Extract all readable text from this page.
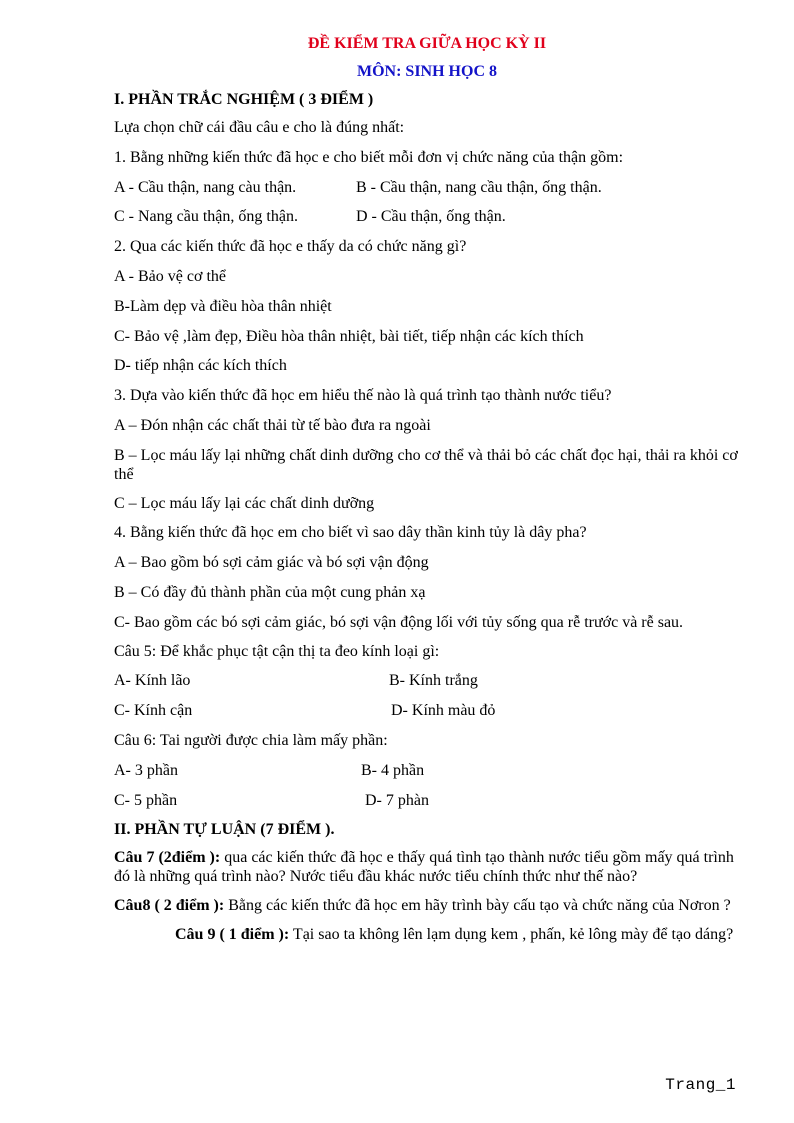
ĐỀ KIỂM TRA GIỮA HỌC KỲ II

MÔN: SINH HỌC 8

I. PHẦN TRẮC NGHIỆM ( 3 ĐIỂM )

Lựa chọn chữ cái đầu câu e cho là đúng nhất:

1. Bằng những kiến thức đã học e cho biết mỗi đơn vị chức năng của thận gồm:

A - Cầu thận, nang càu thận.	B - Cầu thận, nang cầu thận, ống thận.
C - Nang cầu thận, ống thận.	D - Cầu thận, ống thận.

2. Qua các kiến thức đã học e thấy da có chức năng gì?

A - Bảo vệ cơ thể

B-Làm dẹp và điều hòa thân nhiệt

C- Bảo vệ ,làm đẹp, Điều hòa thân nhiệt, bài tiết, tiếp nhận các kích thích

D- tiếp nhận các kích thích

3. Dựa vào kiến thức đã học em hiểu thế nào là quá trình tạo thành nước tiểu?

A – Đón nhận các chất thải từ tế bào đưa ra ngoài

B – Lọc máu lấy lại những chất dinh dưỡng cho cơ thể và thải bỏ các chất đọc hại, thải ra khỏi cơ thể

C – Lọc máu lấy lại các chất dinh dưỡng

4. Bằng kiến thức đã học em cho biết vì sao dây thần kinh tủy là dây pha?

A – Bao gồm bó sợi cảm giác và bó sợi vận động

B – Có đầy đủ thành phần của một cung phản xạ

C- Bao gồm các bó sợi cảm giác, bó sợi vận động lối với tủy sống qua rễ trước và rễ sau.

Câu 5: Để khắc phục tật cận thị ta đeo kính loại gì:

A- Kính lão	B- Kính trắng
C- Kính cận	D- Kính màu đỏ

Câu 6: Tai người được chia làm mấy phần:

A- 3 phần	B- 4 phần
C- 5 phần	D- 7 phàn

II. PHẦN TỰ LUẬN (7 ĐIỂM ).

Câu 7 (2điểm ): qua các kiến thức đã học e thấy quá tình tạo thành nước tiểu gồm mấy quá trình đó là những quá trình nào? Nước tiểu đầu khác nước tiểu chính thức như thế nào?

Câu8 ( 2 điểm ): Bằng các kiến thức đã học em hãy trình bày cấu tạo và chức năng của Nơron ?

Câu 9 ( 1 điểm ): Tại sao ta không lên lạm dụng kem , phấn, kẻ lông mày để tạo dáng?

Trang_1
